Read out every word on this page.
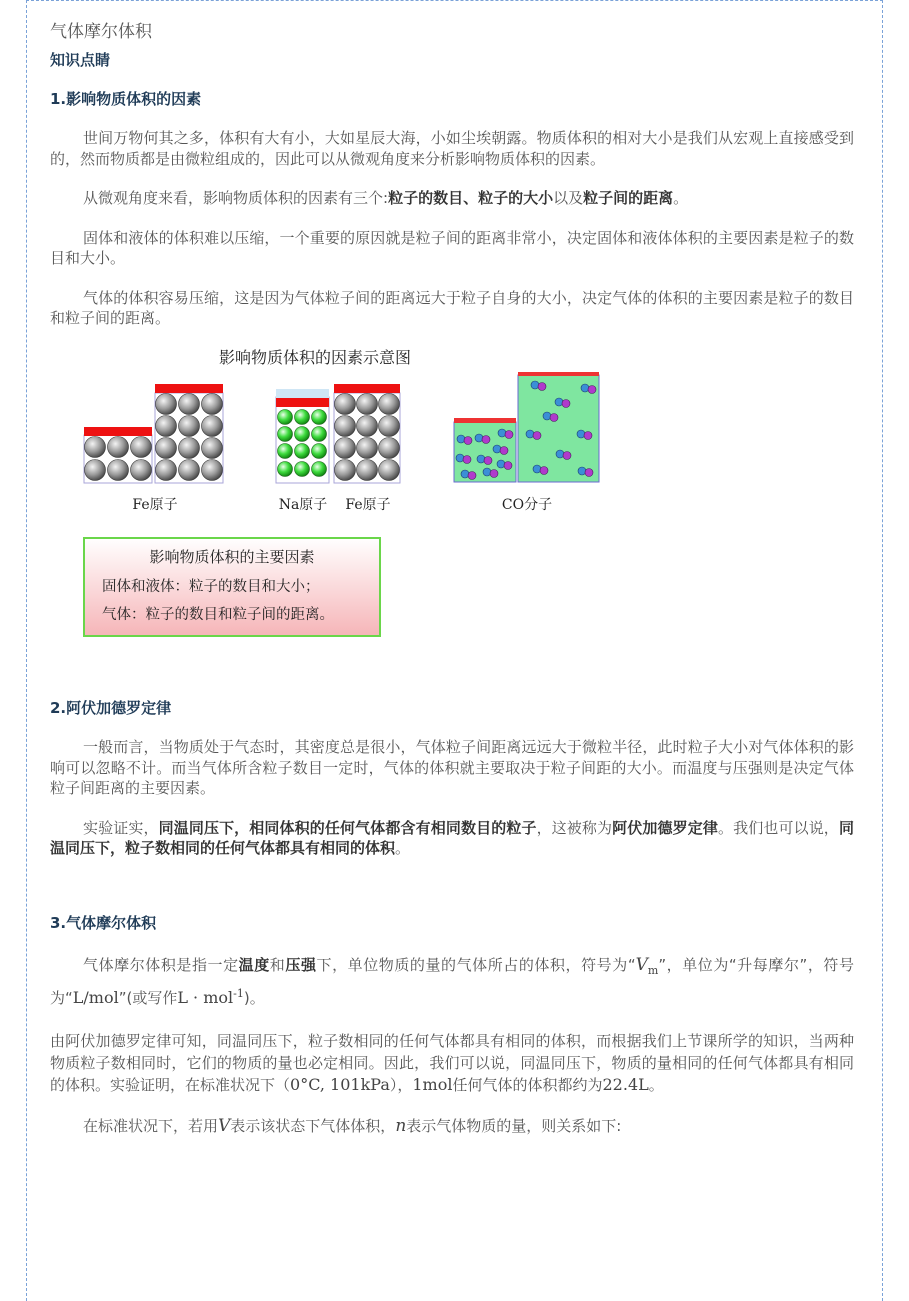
气体摩尔体积
知识点睛
1.影响物质体积的因素

世间万物何其之多，体积有大有小，大如星辰大海，小如尘埃朝露。物质体积的相对大小是我们从宏观上直接感受到的，然而物质都是由微粒组成的，因此可以从微观角度来分析影响物质体积的因素。

从微观角度来看，影响物质体积的因素有三个:粒子的数目、粒子的大小以及粒子间的距离。

固体和液体的体积难以压缩，一个重要的原因就是粒子间的距离非常小，决定固体和液体体积的主要因素是粒子的数目和大小。

气体的体积容易压缩，这是因为气体粒子间的距离远大于粒子自身的大小，决定气体的体积的主要因素是粒子的数目和粒子间的距离。

影响物质体积的因素示意图
Fe原子	Na原子 Fe原子	CO分子
影响物质体积的主要因素
固体和液体：粒子的数目和大小；
气体：粒子的数目和粒子间的距离。
2.阿伏加德罗定律

一般而言，当物质处于气态时，其密度总是很小，气体粒子间距离远远大于微粒半径，此时粒子大小对气体体积的影响可以忽略不计。而当气体所含粒子数目一定时，气体的体积就主要取决于粒子间距的大小。而温度与压强则是决定气体粒子间距离的主要因素。

实验证实，同温同压下，相同体积的任何气体都含有相同数目的粒子，这被称为阿伏加德罗定律。我们也可以说，同温同压下，粒子数相同的任何气体都具有相同的体积。

3.气体摩尔体积

气体摩尔体积是指一定温度和压强下，单位物质的量的气体所占的体积，符号为“$V_m$”，单位为“升每摩尔”，符号为“L/mol”(或写作L · mol$^{-1}$)。

由阿伏加德罗定律可知，同温同压下，粒子数相同的任何气体都具有相同的体积，而根据我们上节课所学的知识，当两种物质粒子数相同时，它们的物质的量也必定相同。因此，我们可以说，同温同压下，物质的量相同的任何气体都具有相同的体积。实验证明，在标准状况下（0°C, 101kPa），1mol任何气体的体积都约为22.4L。

在标准状况下，若用V表示该状态下气体体积，n表示气体物质的量，则关系如下:
